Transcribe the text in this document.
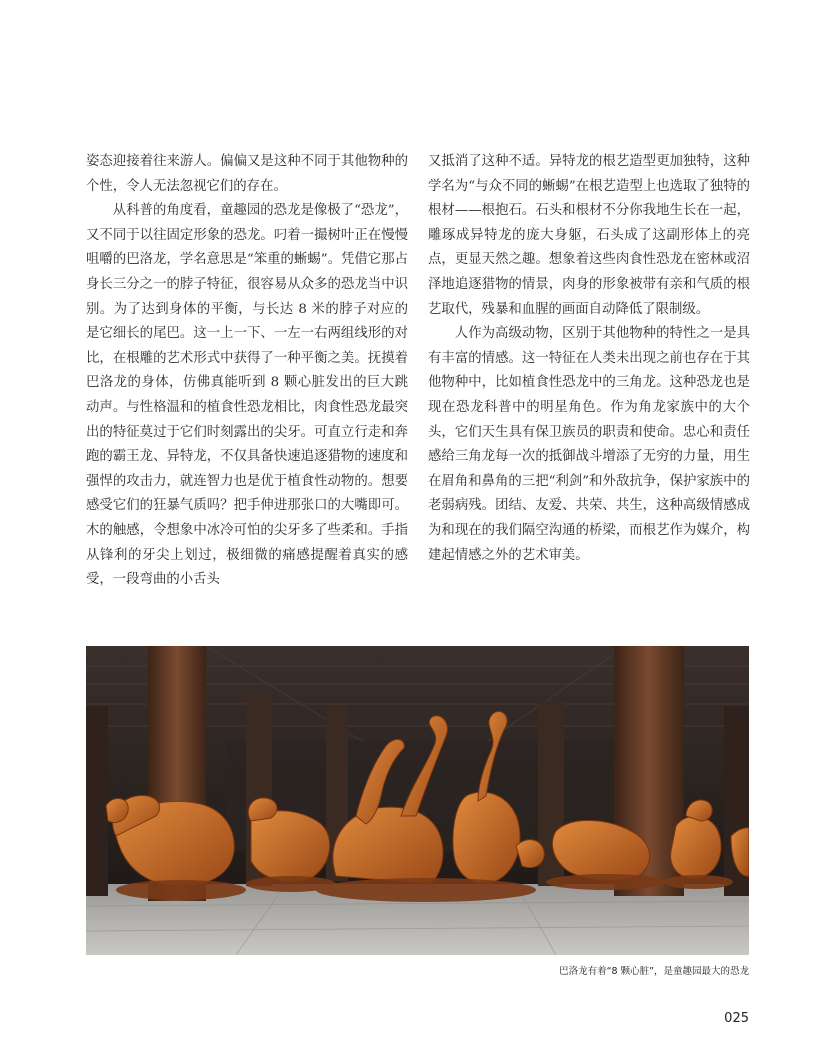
姿态迎接着往来游人。偏偏又是这种不同于其他物种的个性，令人无法忽视它们的存在。

从科普的角度看，童趣园的恐龙是像极了“恐龙”，又不同于以往固定形象的恐龙。叼着一撮树叶正在慢慢咀嚼的巴洛龙，学名意思是“笨重的蜥蜴”。凭借它那占身长三分之一的脖子特征，很容易从众多的恐龙当中识别。为了达到身体的平衡，与长达 8 米的脖子对应的是它细长的尾巴。这一上一下、一左一右两组线形的对比，在根雕的艺术形式中获得了一种平衡之美。抚摸着巴洛龙的身体，仿佛真能听到 8 颗心脏发出的巨大跳动声。与性格温和的植食性恐龙相比，肉食性恐龙最突出的特征莫过于它们时刻露出的尖牙。可直立行走和奔跑的霸王龙、异特龙，不仅具备快速追逐猎物的速度和强悍的攻击力，就连智力也是优于植食性动物的。想要感受它们的狂暴气质吗？把手伸进那张口的大嘴即可。木的触感，令想象中冰冷可怕的尖牙多了些柔和。手指从锋利的牙尖上划过，极细微的痛感提醒着真实的感受，一段弯曲的小舌头

又抵消了这种不适。异特龙的根艺造型更加独特，这种学名为“与众不同的蜥蜴”在根艺造型上也选取了独特的根材——根抱石。石头和根材不分你我地生长在一起，雕琢成异特龙的庞大身躯，石头成了这副形体上的亮点，更显天然之趣。想象着这些肉食性恐龙在密林或沼泽地追逐猎物的情景，肉身的形象被带有亲和气质的根艺取代，残暴和血腥的画面自动降低了限制级。

人作为高级动物，区别于其他物种的特性之一是具有丰富的情感。这一特征在人类未出现之前也存在于其他物种中，比如植食性恐龙中的三角龙。这种恐龙也是现在恐龙科普中的明星角色。作为角龙家族中的大个头，它们天生具有保卫族员的职责和使命。忠心和责任感给三角龙每一次的抵御战斗增添了无穷的力量，用生在眉角和鼻角的三把“利剑”和外敌抗争，保护家族中的老弱病残。团结、友爱、共荣、共生，这种高级情感成为和现在的我们隔空沟通的桥梁，而根艺作为媒介，构建起情感之外的艺术审美。

巴洛龙有着“8 颗心脏”，是童趣园最大的恐龙
025
